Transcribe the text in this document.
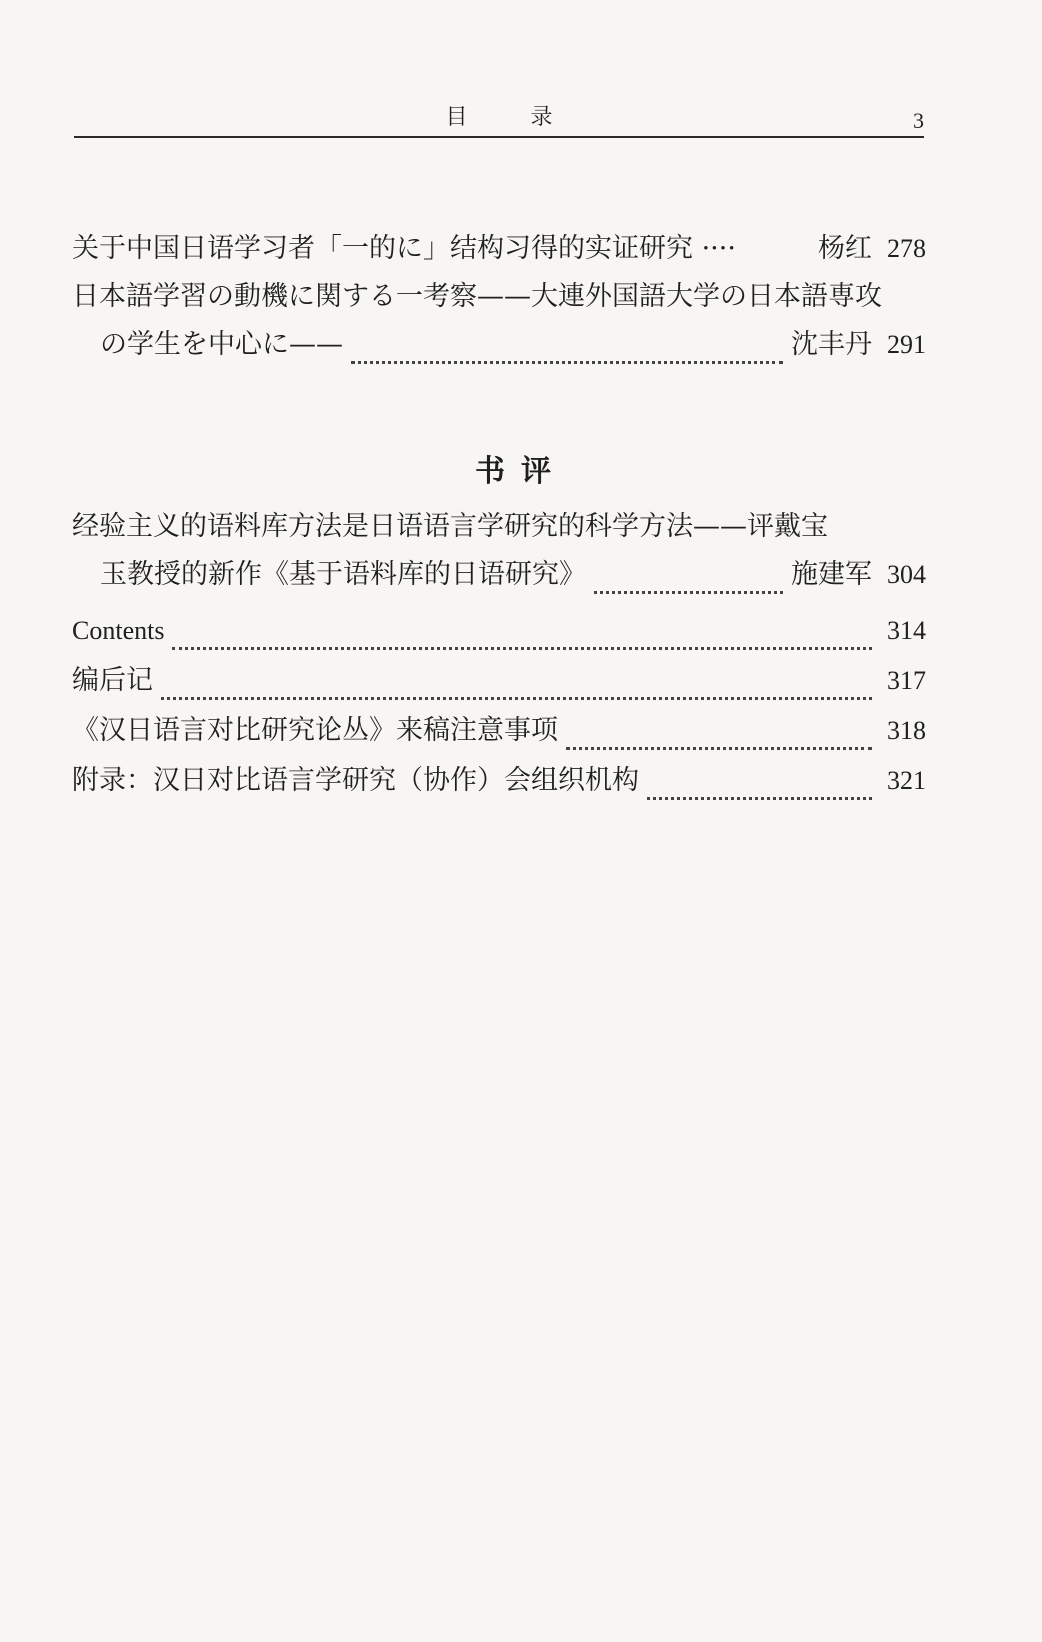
目 录	3
关于中国日语学习者「一的に」结构习得的实证研究 ····	杨红 278
日本語学習の動機に関する一考察——大連外国語大学の日本語専攻
の学生を中心に——	沈丰丹 291
书评
经验主义的语料库方法是日语语言学研究的科学方法——评戴宝
玉教授的新作《基于语料库的日语研究》	施建军 304
Contents	314
编后记	317
《汉日语言对比研究论丛》来稿注意事项	318
附录：汉日对比语言学研究（协作）会组织机构	321
